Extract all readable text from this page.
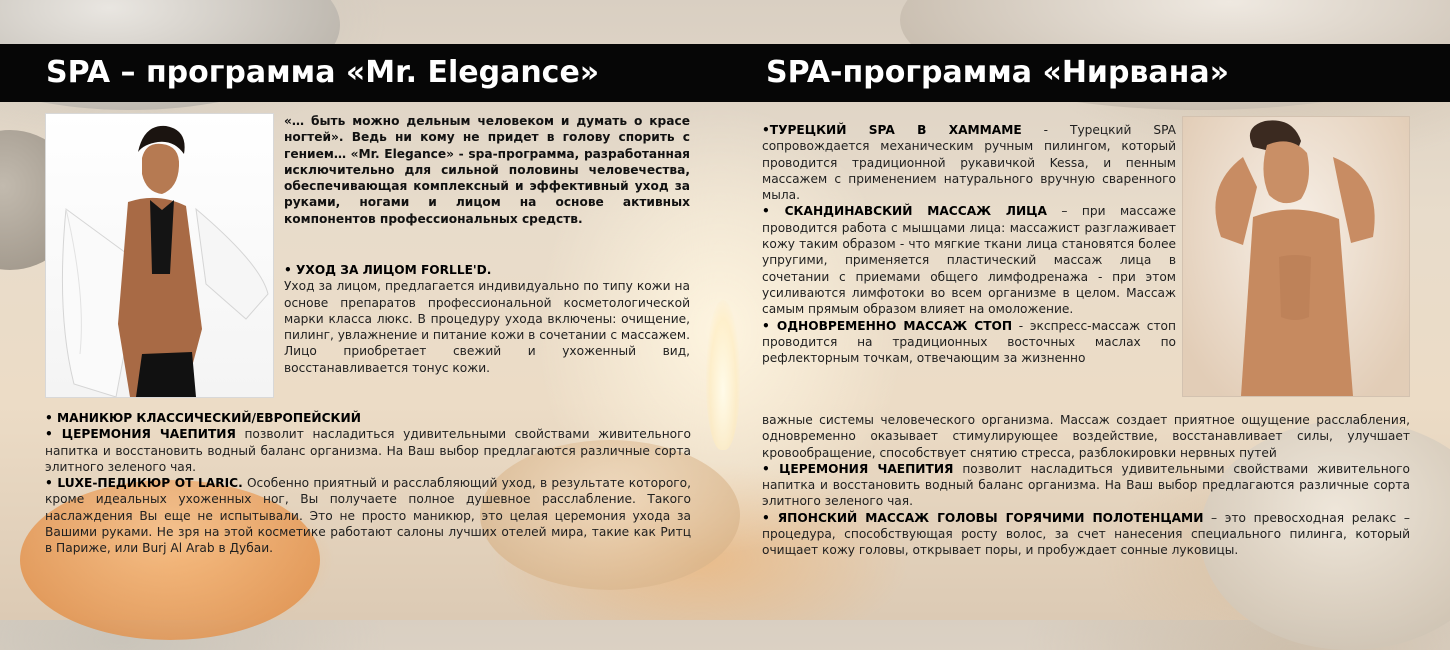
SPA – программа «Mr. Elegance»	SPA-программа «Нирвана»

«… быть можно дельным человеком и думать о красе ногтей». Ведь ни кому не придет в голову спорить с гением… «Mr. Elegance» - spa-программа, разработанная исключительно для сильной половины человечества, обеспечивающая комплексный и эффективный уход за руками, ногами и лицом на основе активных компонентов профессиональных средств.

• УХОД ЗА ЛИЦОМ FORLLE'D.

Уход за лицом, предлагается индивидуально по типу кожи на основе препаратов профессиональной косметологической марки класса люкс. В процедуру ухода включены: очищение, пилинг, увлажнение и питание кожи в сочетании с массажем. Лицо приобретает свежий и ухоженный вид, восстанавливается тонус кожи.

• МАНИКЮР КЛАССИЧЕСКИЙ/ЕВРОПЕЙСКИЙ

• ЦЕРЕМОНИЯ ЧАЕПИТИЯ позволит насладиться удивительными свойствами живительного напитка и восстановить водный баланс организма. На Ваш выбор предлагаются различные сорта элитного зеленого чая.

• LUXE-ПЕДИКЮР ОТ LARIC. Особенно приятный и расслабляющий уход, в результате которого, кроме идеальных ухоженных ног, Вы получаете полное душевное расслабление. Такого наслаждения Вы еще не испытывали. Это не просто маникюр, это целая церемония ухода за Вашими руками. Не зря на этой косметике работают салоны лучших отелей мира, такие как Ритц в Париже, или Burj Al Arab в Дубаи.

•ТУРЕЦКИЙ SPA В ХАММАМЕ - Турецкий SPA сопровождается механическим ручным пилингом, который проводится традиционной рукавичкой Kessa, и пенным массажем с применением натурального вручную сваренного мыла.

• СКАНДИНАВСКИЙ МАССАЖ ЛИЦА – при массаже проводится работа с мышцами лица: массажист разглаживает кожу таким образом - что мягкие ткани лица становятся более упругими, применяется пластический массаж лица в сочетании с приемами общего лимфодренажа - при этом усиливаются лимфотоки во всем организме в целом. Массаж самым прямым образом влияет на омоложение.

• ОДНОВРЕМЕННО МАССАЖ СТОП - экспресс-массаж стоп проводится на традиционных восточных маслах по рефлекторным точкам, отвечающим за жизненно

важные системы человеческого организма. Массаж создает приятное ощущение расслабления, одновременно оказывает стимулирующее воздействие, восстанавливает силы, улучшает кровообращение, способствует снятию стресса, разблокировки нервных путей

• ЦЕРЕМОНИЯ ЧАЕПИТИЯ позволит насладиться удивительными свойствами живительного напитка и восстановить водный баланс организма. На Ваш выбор предлагаются различные сорта элитного зеленого чая.

• ЯПОНСКИЙ МАССАЖ ГОЛОВЫ ГОРЯЧИМИ ПОЛОТЕНЦАМИ – это превосходная релакс –процедура, способствующая росту волос, за счет нанесения специального пилинга, который очищает кожу головы, открывает поры, и пробуждает сонные луковицы.
